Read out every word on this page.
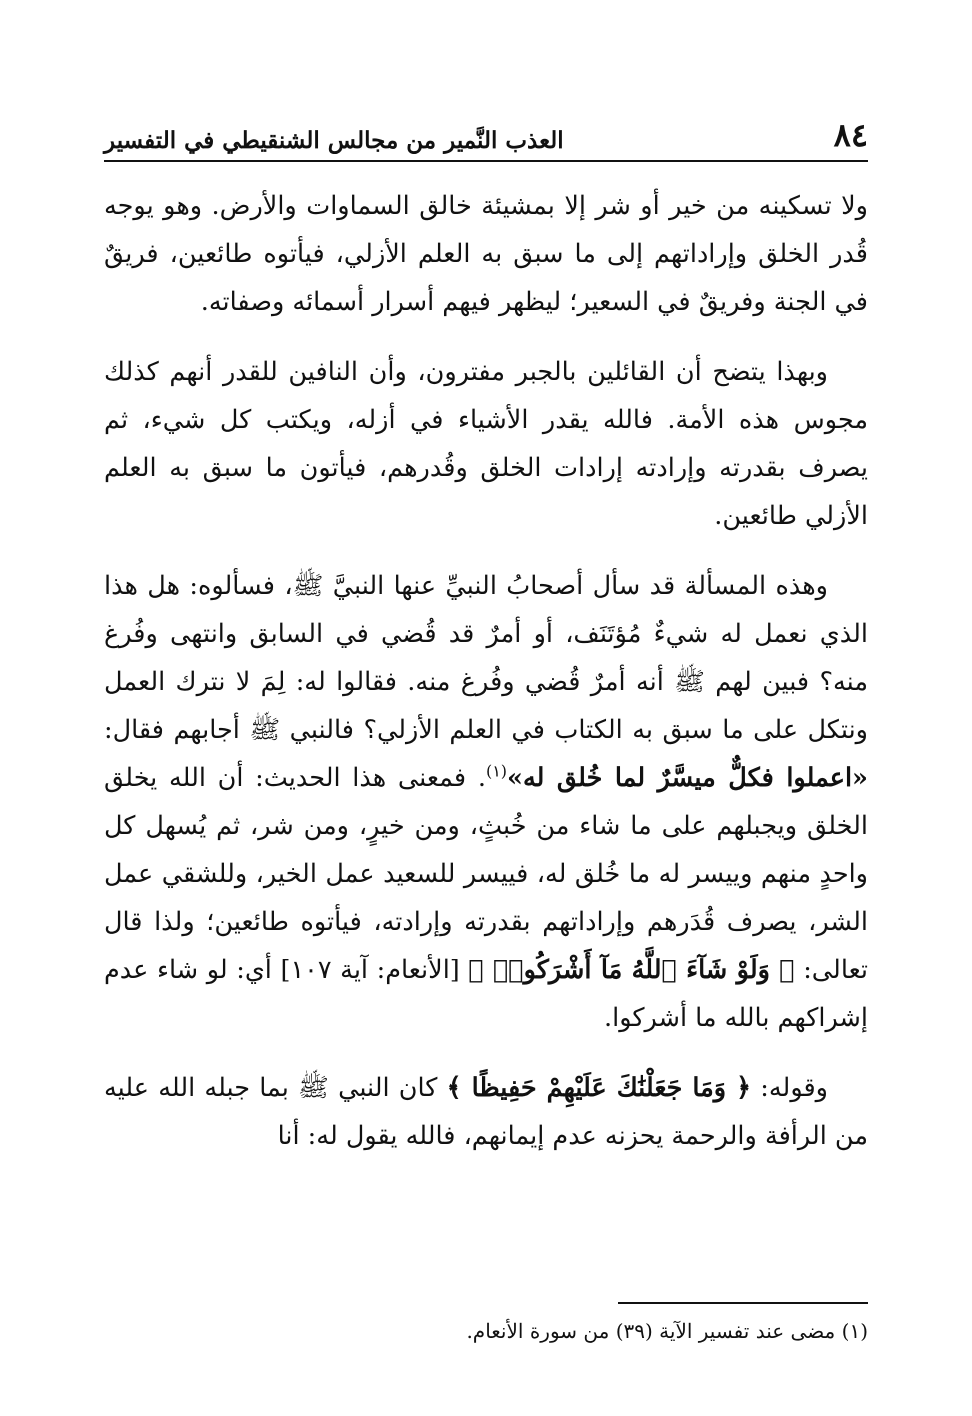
٨٤
العذب النَّمير من مجالس الشنقيطي في التفسير

ولا تسكينه من خير أو شر إلا بمشيئة خالق السماوات والأرض. وهو يوجه قُدر الخلق وإراداتهم إلى ما سبق به العلم الأزلي، فيأتوه طائعين، فريقٌ في الجنة وفريقٌ في السعير؛ ليظهر فيهم أسرار أسمائه وصفاته.

وبهذا يتضح أن القائلين بالجبر مفترون، وأن النافين للقدر أنهم كذلك مجوس هذه الأمة. فالله يقدر الأشياء في أزله، ويكتب كل شيء، ثم يصرف بقدرته وإرادته إرادات الخلق وقُدرهم، فيأتون ما سبق به العلم الأزلي طائعين.

وهذه المسألة قد سأل أصحابُ النبيِّ عنها النبيَّ ﷺ، فسألوه: هل هذا الذي نعمل له شيءٌ مُؤتَنَف، أو أمرٌ قد قُضي في السابق وانتهى وفُرغ منه؟ فبين لهم ﷺ أنه أمرٌ قُضي وفُرغ منه. فقالوا له: لِمَ لا نترك العمل ونتكل على ما سبق به الكتاب في العلم الأزلي؟ فالنبي ﷺ أجابهم فقال: «اعملوا فكلٌّ ميسَّرٌ لما خُلق له»$^{(١)}$. فمعنى هذا الحديث: أن الله يخلق الخلق ويجبلهم على ما شاء من خُبثٍ، ومن خيرٍ، ومن شر، ثم يُسهل كل واحدٍ منهم وييسر له ما خُلق له، فييسر للسعيد عمل الخير، وللشقي عمل الشر، يصرف قُدَرهم وإراداتهم بقدرته وإرادته، فيأتوه طائعين؛ ولذا قال تعالى: ﴿ وَلَوْ شَآءَ ٱللَّهُ مَآ أَشْرَكُوا۟ ﴾ [الأنعام: آية ١٠٧] أي: لو شاء عدم إشراكهم بالله ما أشركوا.

وقوله: ﴿ وَمَا جَعَلْنَٰكَ عَلَيْهِمْ حَفِيظًا ﴾ كان النبي ﷺ بما جبله الله عليه من الرأفة والرحمة يحزنه عدم إيمانهم، فالله يقول له: أنا

(١) مضى عند تفسير الآية (٣٩) من سورة الأنعام.
